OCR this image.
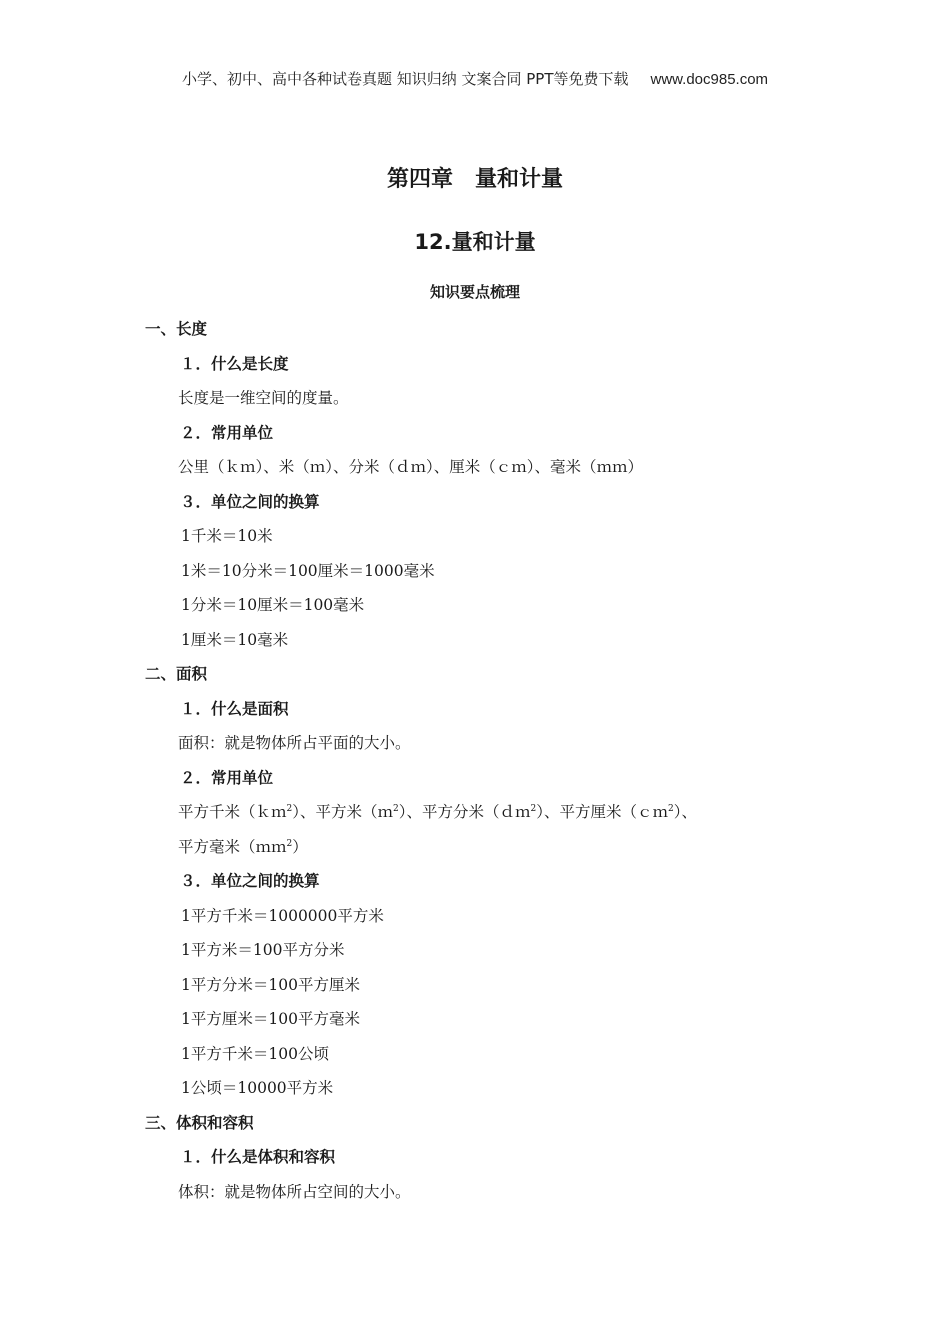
小学、初中、高中各种试卷真题 知识归纳 文案合同 PPT等免费下载 www.doc985.com
第四章　量和计量
12.量和计量
知识要点梳理
一、长度
１．什么是长度
长度是一维空间的度量。
２．常用单位
公里（ｋｍ）、米（ｍ）、分米（ｄｍ）、厘米（ｃｍ）、毫米（ｍｍ）
３．单位之间的换算
1千米＝10米
1米＝10分米＝100厘米＝1000毫米
1分米＝10厘米＝100毫米
1厘米＝10毫米
二、面积
１．什么是面积
面积：就是物体所占平面的大小。
２．常用单位
平方千米（ｋｍ$^2$）、平方米（ｍ$^2$）、平方分米（ｄｍ$^2$）、平方厘米（ｃｍ$^2$）、
平方毫米（ｍｍ$^2$）
３．单位之间的换算
1平方千米＝1000000平方米
1平方米＝100平方分米
1平方分米＝100平方厘米
1平方厘米＝100平方毫米
1平方千米＝100公顷
1公顷＝10000平方米
三、体积和容积
１．什么是体积和容积
体积：就是物体所占空间的大小。
